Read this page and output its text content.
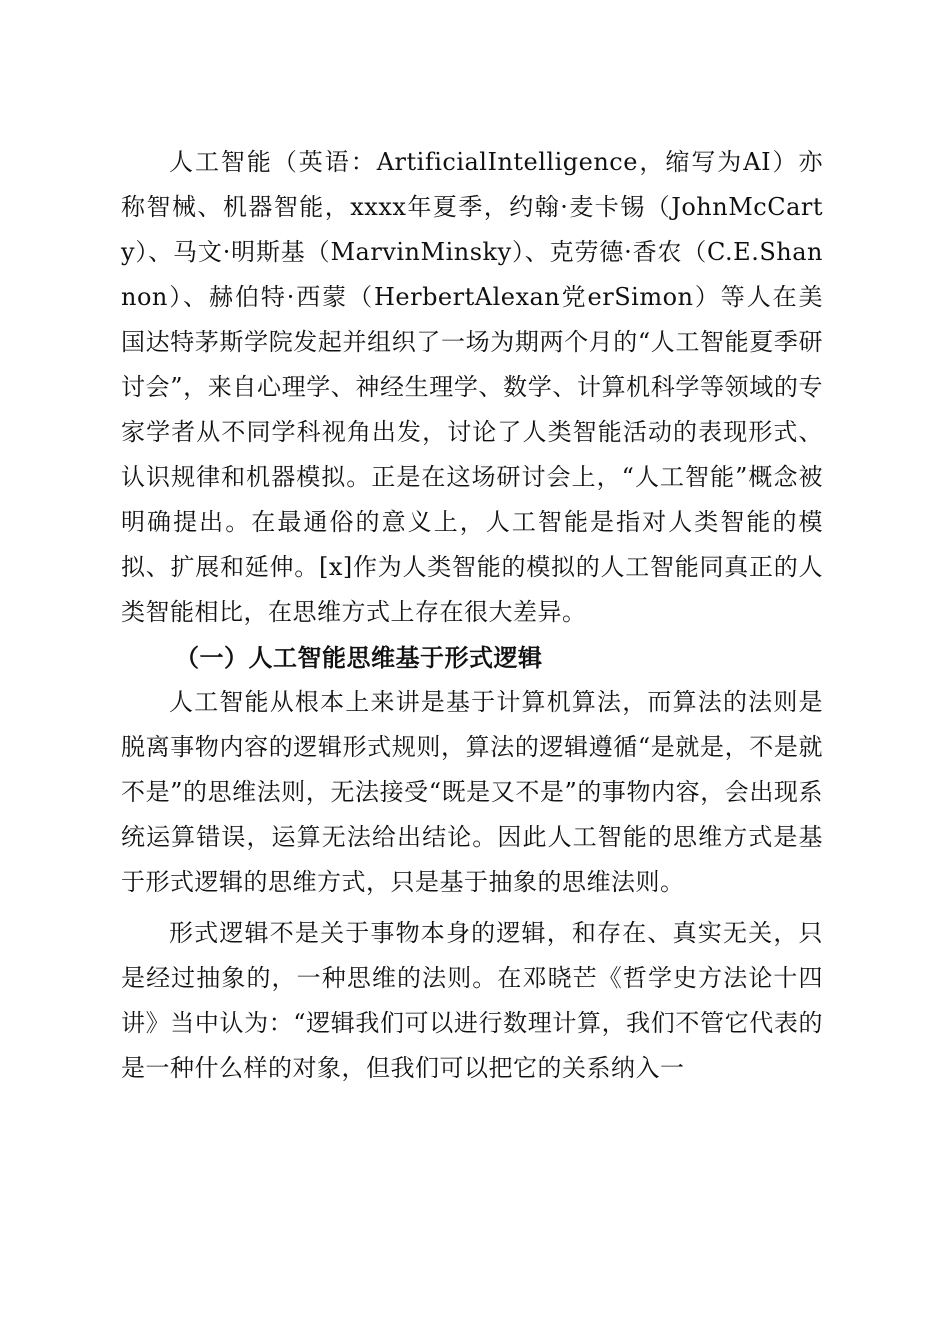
人工智能（英语：ArtificialIntelligence，缩写为AI）亦称智械、机器智能，xxxx年夏季，约翰·麦卡锡（JohnMcCarty）、马文·明斯基（MarvinMinsky）、克劳德·香农（C.E.Shannon）、赫伯特·西蒙（HerbertAlexan党erSimon）等人在美国达特茅斯学院发起并组织了一场为期两个月的“人工智能夏季研讨会”，来自心理学、神经生理学、数学、计算机科学等领域的专家学者从不同学科视角出发，讨论了人类智能活动的表现形式、认识规律和机器模拟。正是在这场研讨会上，“人工智能”概念被明确提出。在最通俗的意义上，人工智能是指对人类智能的模拟、扩展和延伸。[x]作为人类智能的模拟的人工智能同真正的人类智能相比，在思维方式上存在很大差异。

（一）人工智能思维基于形式逻辑

人工智能从根本上来讲是基于计算机算法，而算法的法则是脱离事物内容的逻辑形式规则，算法的逻辑遵循“是就是，不是就不是”的思维法则，无法接受“既是又不是”的事物内容，会出现系统运算错误，运算无法给出结论。因此人工智能的思维方式是基于形式逻辑的思维方式，只是基于抽象的思维法则。

形式逻辑不是关于事物本身的逻辑，和存在、真实无关，只是经过抽象的，一种思维的法则。在邓晓芒《哲学史方法论十四讲》当中认为：“逻辑我们可以进行数理计算，我们不管它代表的是一种什么样的对象，但我们可以把它的关系纳入一
